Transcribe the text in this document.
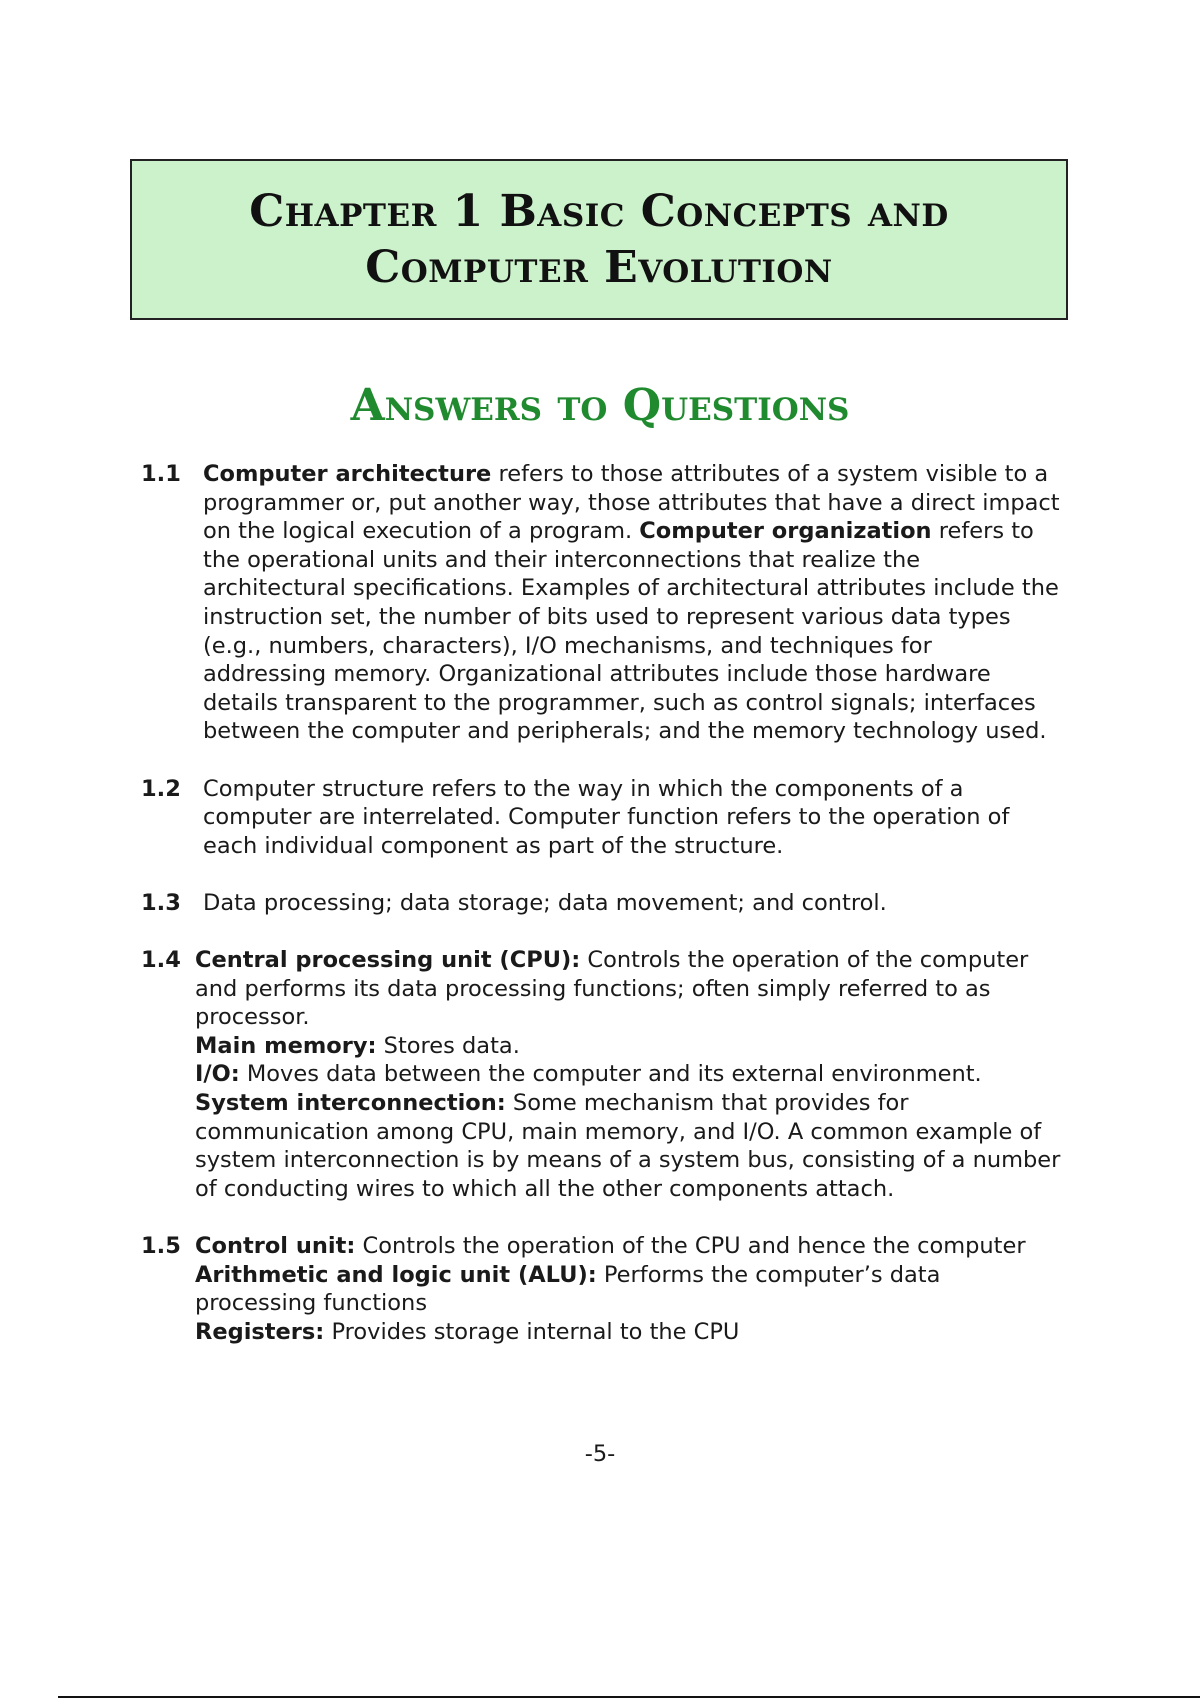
Chapter 1 Basic Concepts and
Computer Evolution
Answers to Questions
1.1 Computer architecture refers to those attributes of a system visible to a programmer or, put another way, those attributes that have a direct impact on the logical execution of a program. Computer organization refers to the operational units and their interconnections that realize the architectural specifications. Examples of architectural attributes include the instruction set, the number of bits used to represent various data types (e.g., numbers, characters), I/O mechanisms, and techniques for addressing memory. Organizational attributes include those hardware details transparent to the programmer, such as control signals; interfaces between the computer and peripherals; and the memory technology used.

1.2 Computer structure refers to the way in which the components of a computer are interrelated. Computer function refers to the operation of each individual component as part of the structure.

1.3 Data processing; data storage; data movement; and control.

1.4 Central processing unit (CPU): Controls the operation of the computer and performs its data processing functions; often simply referred to as processor.

Main memory: Stores data.

I/O: Moves data between the computer and its external environment.

System interconnection: Some mechanism that provides for communication among CPU, main memory, and I/O. A common example of system interconnection is by means of a system bus, consisting of a number of conducting wires to which all the other components attach.

1.5 Control unit: Controls the operation of the CPU and hence the computer

Arithmetic and logic unit (ALU): Performs the computer’s data processing functions

Registers: Provides storage internal to the CPU

-5-
